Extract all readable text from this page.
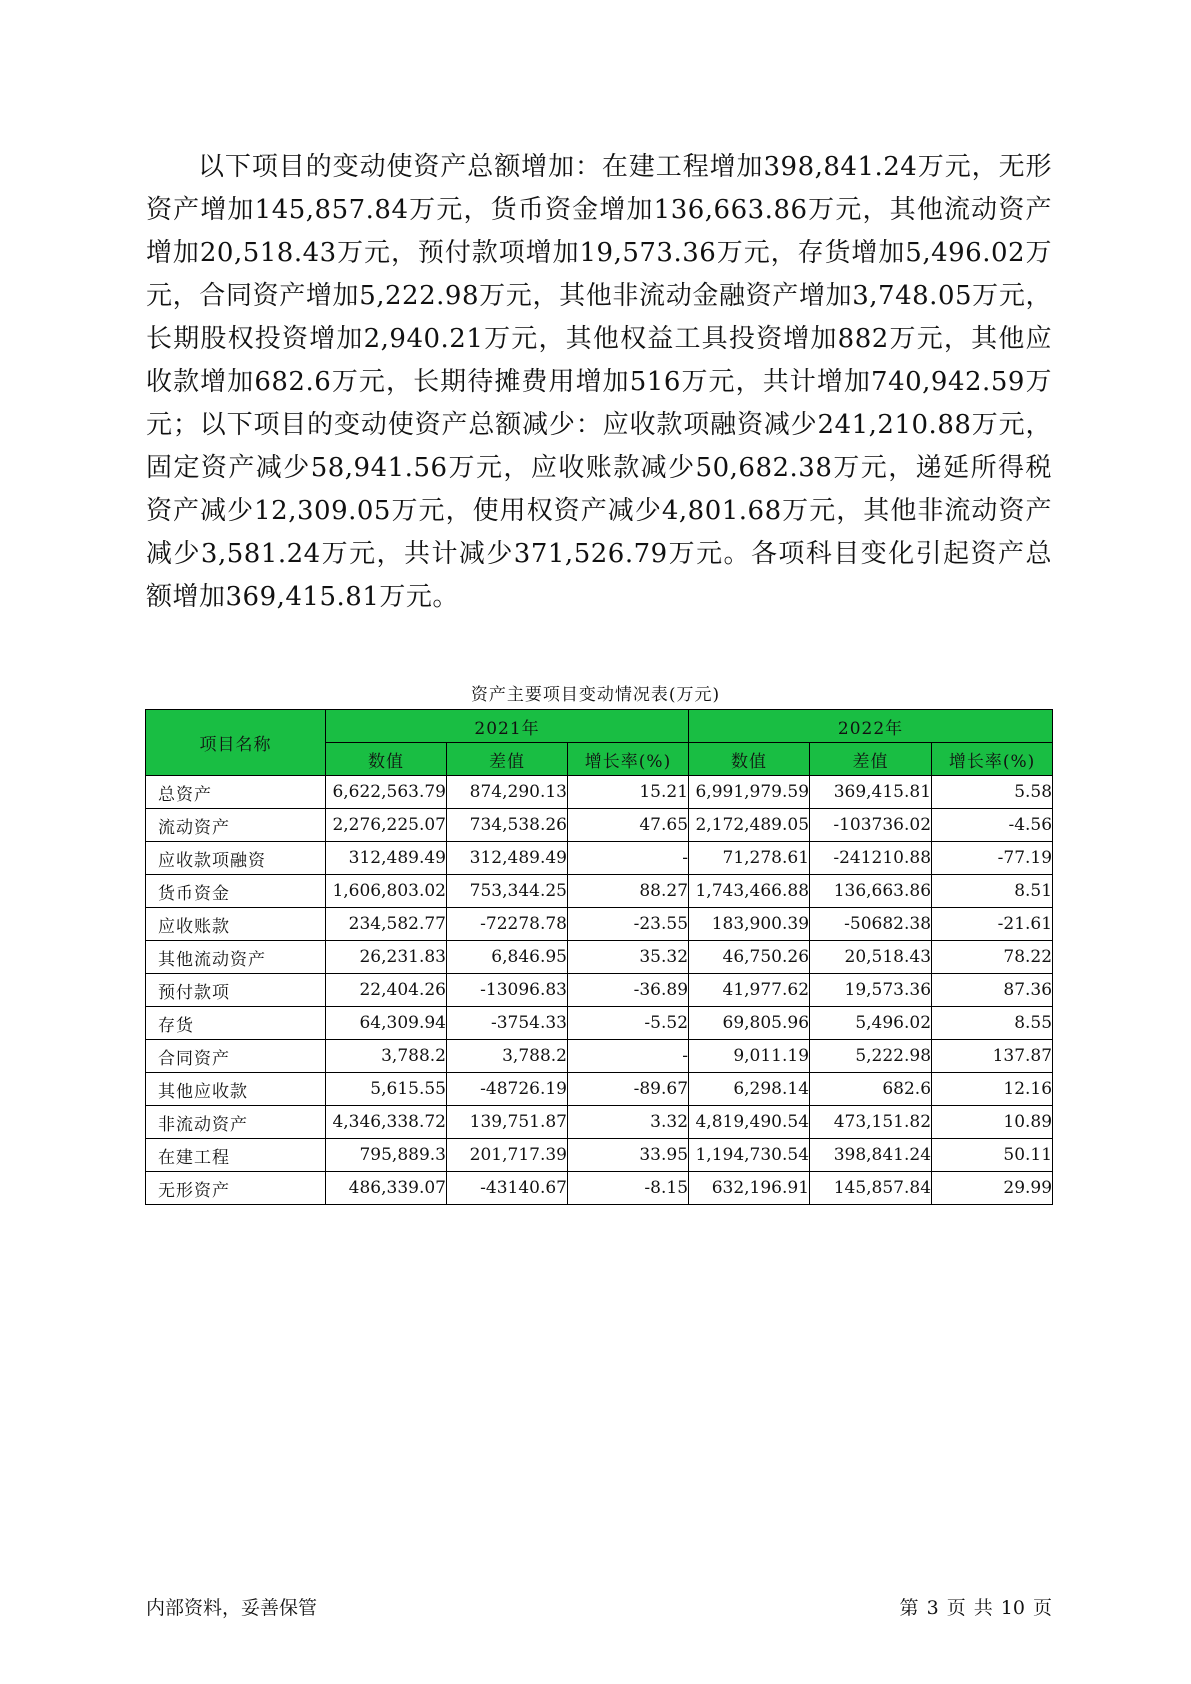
以下项目的变动使资产总额增加：在建工程增加398,841.24万元，无形资产增加145,857.84万元，货币资金增加136,663.86万元，其他流动资产增加20,518.43万元，预付款项增加19,573.36万元，存货增加5,496.02万元，合同资产增加5,222.98万元，其他非流动金融资产增加3,748.05万元，长期股权投资增加2,940.21万元，其他权益工具投资增加882万元，其他应收款增加682.6万元，长期待摊费用增加516万元，共计增加740,942.59万元；以下项目的变动使资产总额减少：应收款项融资减少241,210.88万元，固定资产减少58,941.56万元，应收账款减少50,682.38万元，递延所得税资产减少12,309.05万元，使用权资产减少4,801.68万元，其他非流动资产减少3,581.24万元，共计减少371,526.79万元。各项科目变化引起资产总额增加369,415.81万元。

资产主要项目变动情况表(万元)
项目名称	2021年			2022年		
	数值	差值	增长率(%)	数值	差值	增长率(%)
总资产	6,622,563.79	874,290.13	15.21	6,991,979.59	369,415.81	5.58
流动资产	2,276,225.07	734,538.26	47.65	2,172,489.05	-103736.02	-4.56
应收款项融资	312,489.49	312,489.49	-	71,278.61	-241210.88	-77.19
货币资金	1,606,803.02	753,344.25	88.27	1,743,466.88	136,663.86	8.51
应收账款	234,582.77	-72278.78	-23.55	183,900.39	-50682.38	-21.61
其他流动资产	26,231.83	6,846.95	35.32	46,750.26	20,518.43	78.22
预付款项	22,404.26	-13096.83	-36.89	41,977.62	19,573.36	87.36
存货	64,309.94	-3754.33	-5.52	69,805.96	5,496.02	8.55
合同资产	3,788.2	3,788.2	-	9,011.19	5,222.98	137.87
其他应收款	5,615.55	-48726.19	-89.67	6,298.14	682.6	12.16
非流动资产	4,346,338.72	139,751.87	3.32	4,819,490.54	473,151.82	10.89
在建工程	795,889.3	201,717.39	33.95	1,194,730.54	398,841.24	50.11
无形资产	486,339.07	-43140.67	-8.15	632,196.91	145,857.84	29.99
内部资料，妥善保管	第 3 页 共 10 页
